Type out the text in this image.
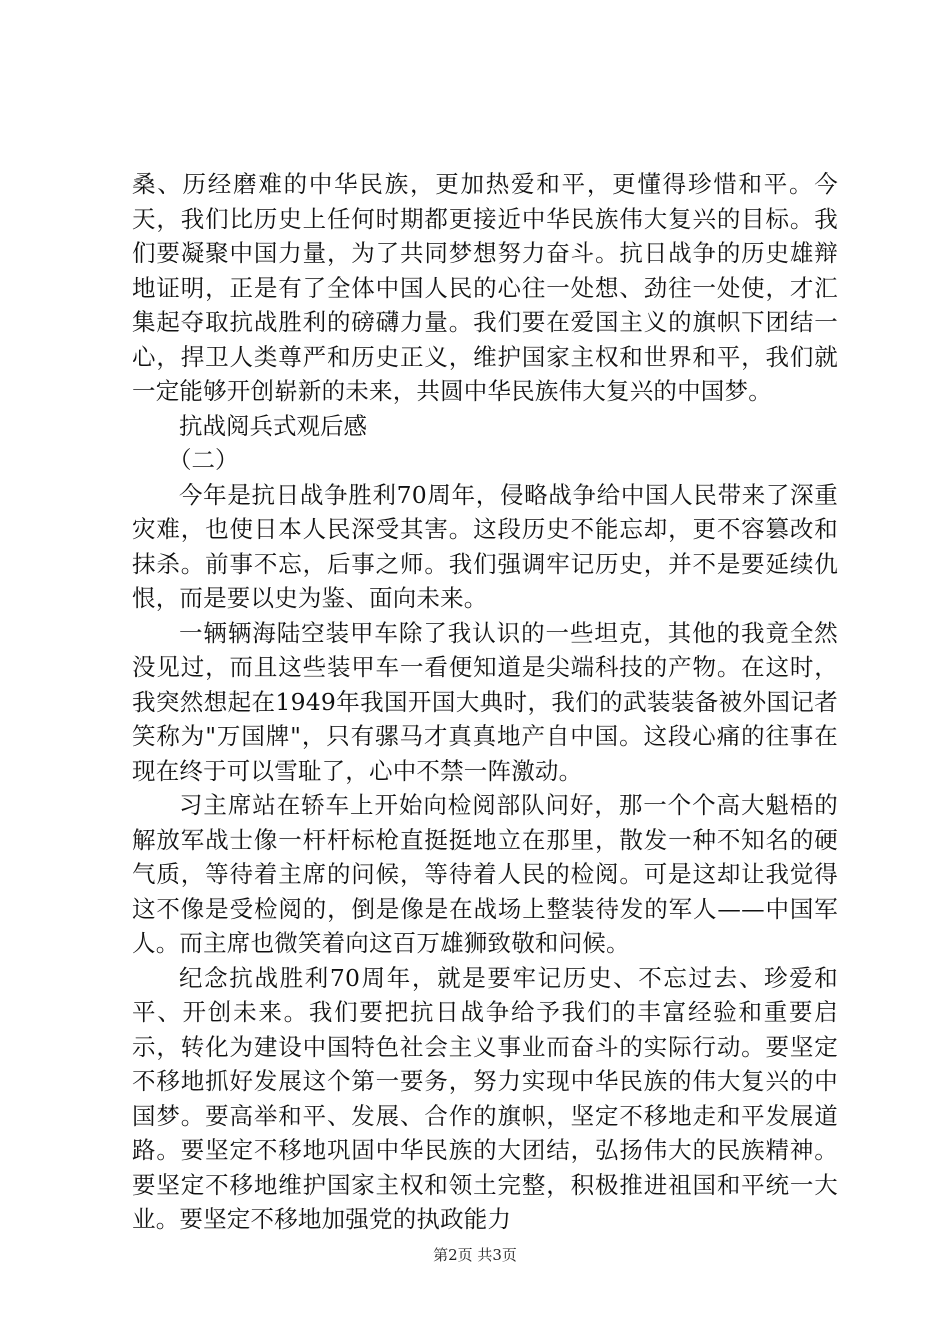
桑、历经磨难的中华民族，更加热爱和平，更懂得珍惜和平。今天，我们比历史上任何时期都更接近中华民族伟大复兴的目标。我们要凝聚中国力量，为了共同梦想努力奋斗。抗日战争的历史雄辩地证明，正是有了全体中国人民的心往一处想、劲往一处使，才汇集起夺取抗战胜利的磅礴力量。我们要在爱国主义的旗帜下团结一心，捍卫人类尊严和历史正义，维护国家主权和世界和平，我们就一定能够开创崭新的未来，共圆中华民族伟大复兴的中国梦。

抗战阅兵式观后感

（二）

今年是抗日战争胜利70周年，侵略战争给中国人民带来了深重灾难，也使日本人民深受其害。这段历史不能忘却，更不容篡改和抹杀。前事不忘，后事之师。我们强调牢记历史，并不是要延续仇恨，而是要以史为鉴、面向未来。

一辆辆海陆空装甲车除了我认识的一些坦克，其他的我竟全然没见过，而且这些装甲车一看便知道是尖端科技的产物。在这时，我突然想起在1949年我国开国大典时，我们的武装装备被外国记者笑称为"万国牌"，只有骡马才真真地产自中国。这段心痛的往事在现在终于可以雪耻了，心中不禁一阵激动。

习主席站在轿车上开始向检阅部队问好，那一个个高大魁梧的解放军战士像一杆杆标枪直挺挺地立在那里，散发一种不知名的硬气质，等待着主席的问候，等待着人民的检阅。可是这却让我觉得这不像是受检阅的，倒是像是在战场上整装待发的军人——中国军人。而主席也微笑着向这百万雄狮致敬和问候。

纪念抗战胜利70周年，就是要牢记历史、不忘过去、珍爱和平、开创未来。我们要把抗日战争给予我们的丰富经验和重要启示，转化为建设中国特色社会主义事业而奋斗的实际行动。要坚定不移地抓好发展这个第一要务，努力实现中华民族的伟大复兴的中国梦。要高举和平、发展、合作的旗帜，坚定不移地走和平发展道路。要坚定不移地巩固中华民族的大团结，弘扬伟大的民族精神。要坚定不移地维护国家主权和领土完整，积极推进祖国和平统一大业。要坚定不移地加强党的执政能力

第2页 共3页
